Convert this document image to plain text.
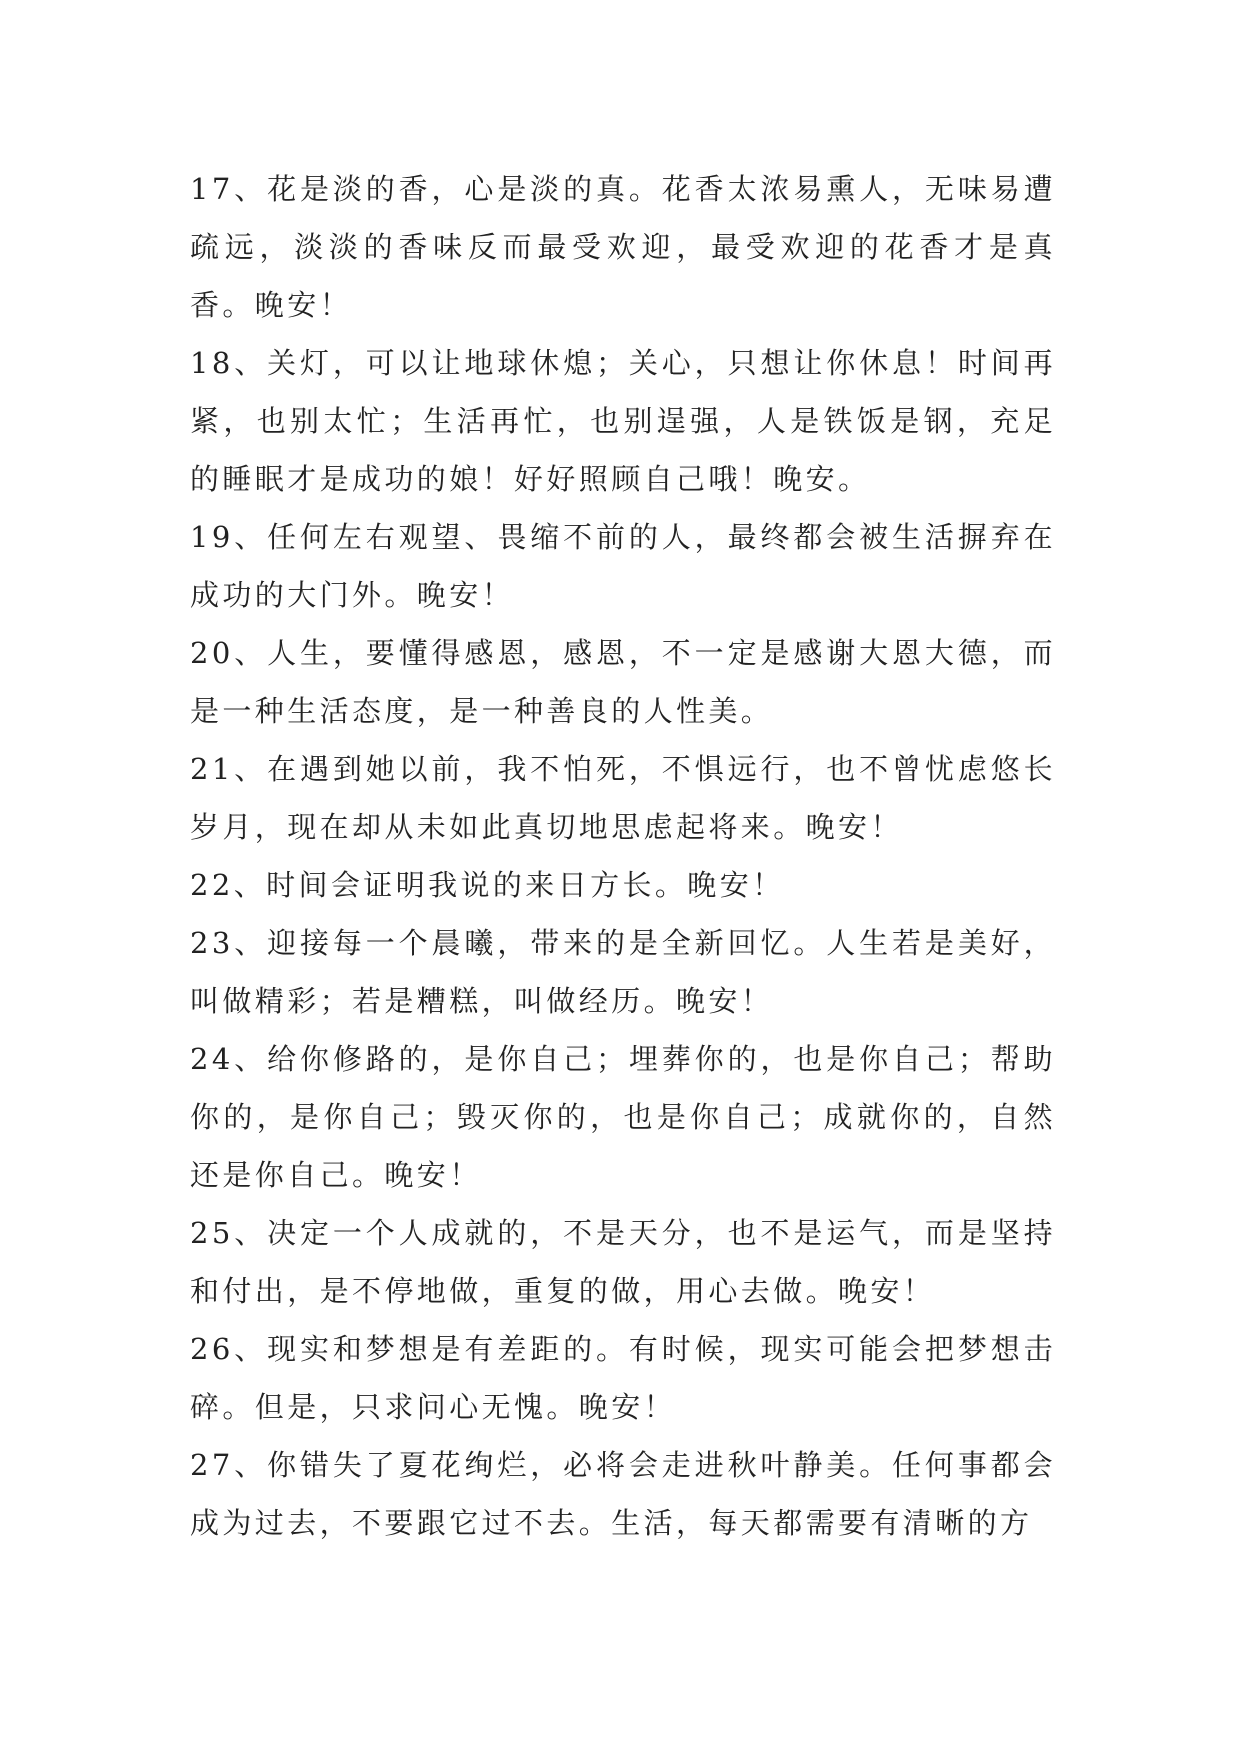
17、花是淡的香，心是淡的真。花香太浓易熏人，无味易遭疏远，淡淡的香味反而最受欢迎，最受欢迎的花香才是真香。晚安！

18、关灯，可以让地球休熄；关心，只想让你休息！时间再紧，也别太忙；生活再忙，也别逞强，人是铁饭是钢，充足的睡眠才是成功的娘！好好照顾自己哦！晚安。

19、任何左右观望、畏缩不前的人，最终都会被生活摒弃在成功的大门外。晚安！

20、人生，要懂得感恩，感恩，不一定是感谢大恩大德，而是一种生活态度，是一种善良的人性美。

21、在遇到她以前，我不怕死，不惧远行，也不曾忧虑悠长岁月，现在却从未如此真切地思虑起将来。晚安！

22、时间会证明我说的来日方长。晚安！

23、迎接每一个晨曦，带来的是全新回忆。人生若是美好，叫做精彩；若是糟糕，叫做经历。晚安！

24、给你修路的，是你自己；埋葬你的，也是你自己；帮助你的，是你自己；毁灭你的，也是你自己；成就你的，自然还是你自己。晚安！

25、决定一个人成就的，不是天分，也不是运气，而是坚持和付出，是不停地做，重复的做，用心去做。晚安！

26、现实和梦想是有差距的。有时候，现实可能会把梦想击碎。但是，只求问心无愧。晚安！

27、你错失了夏花绚烂，必将会走进秋叶静美。任何事都会成为过去，不要跟它过不去。生活，每天都需要有清晰的方
